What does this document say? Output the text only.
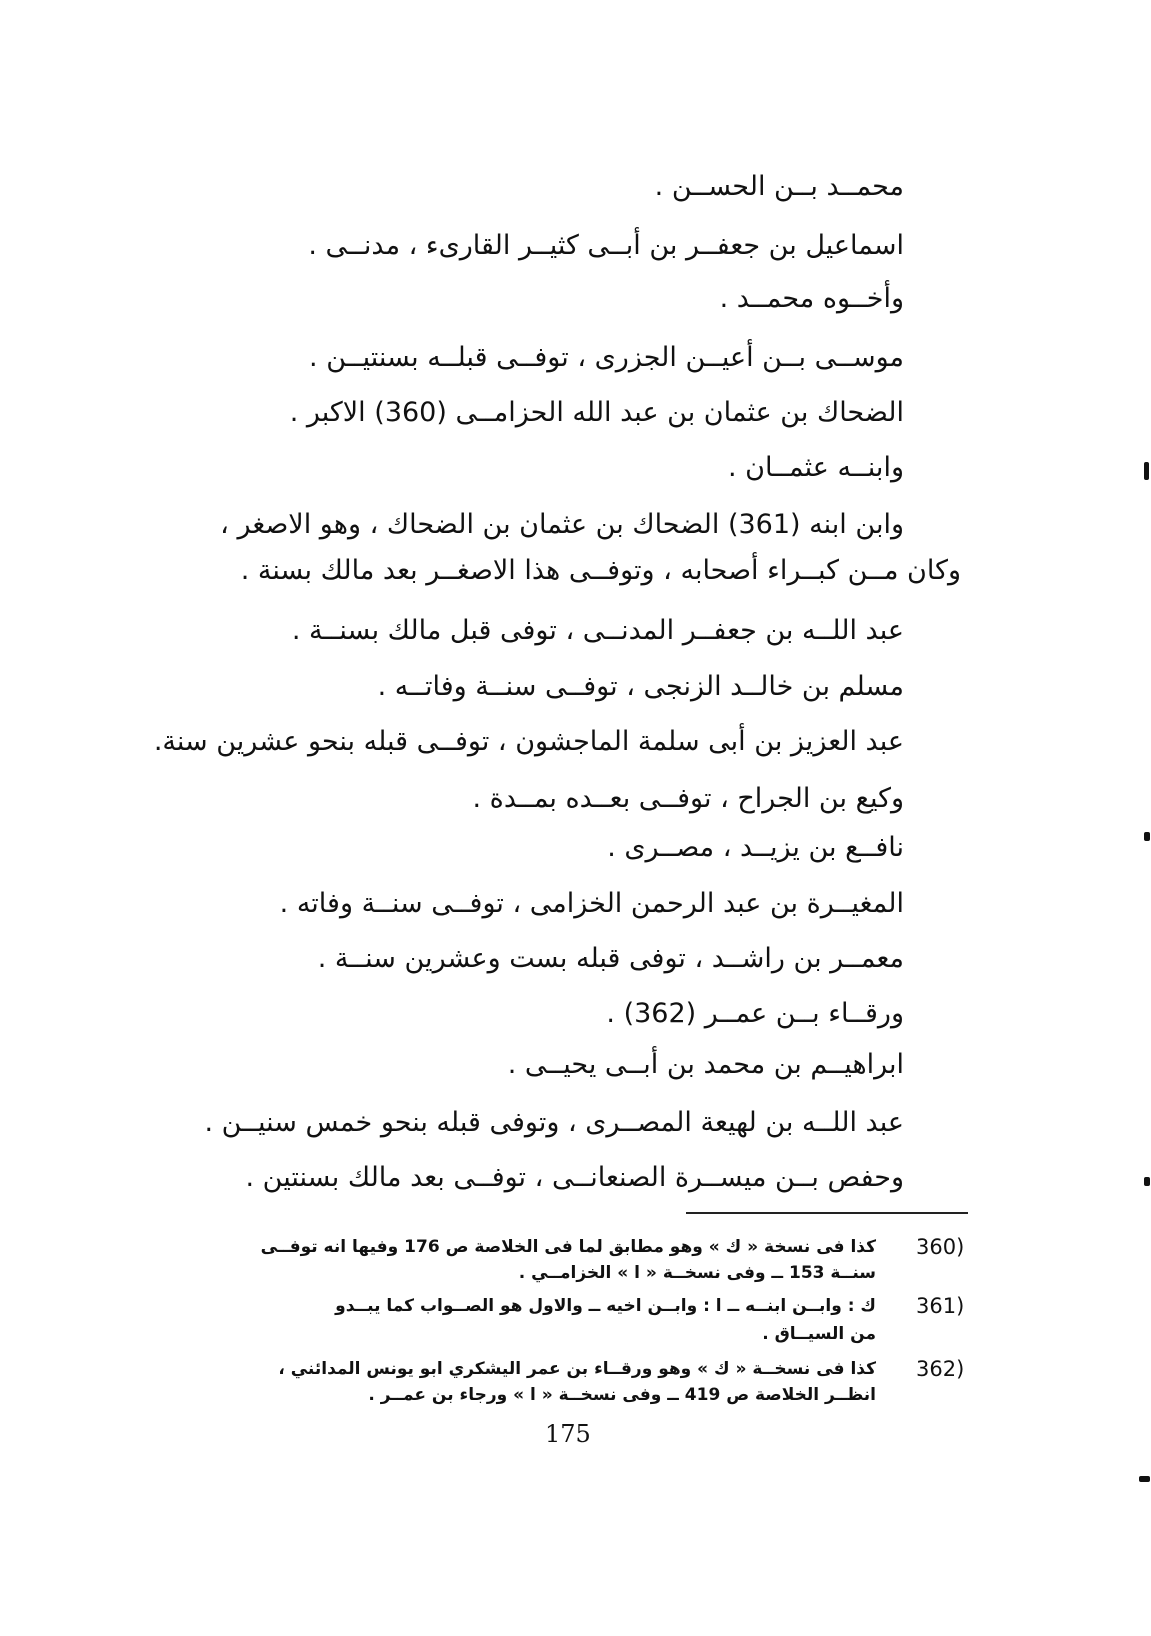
محمــد بــن الحســن .
اسماعيل بن جعفــر بن أبــى كثيــر القارىء ، مدنــى .
وأخــوه محمــد .
موســى بــن أعيــن الجزرى ، توفــى قبلــه بسنتيــن .
الضحاك بن عثمان بن عبد الله الحزامــى (360) الاكبر .
وابنــه عثمــان .
وابن ابنه (361) الضحاك بن عثمان بن الضحاك ، وهو الاصغر ،
وكان مــن كبــراء أصحابه ، وتوفــى هذا الاصغــر بعد مالك بسنة .
عبد اللــه بن جعفــر المدنــى ، توفى قبل مالك بسنــة .
مسلم بن خالــد الزنجى ، توفــى سنــة وفاتــه .
عبد العزيز بن أبى سلمة الماجشون ، توفــى قبله بنحو عشرين سنة.
وكيع بن الجراح ، توفــى بعــده بمــدة .
نافــع بن يزيــد ، مصــرى .
المغيــرة بن عبد الرحمن الخزامى ، توفــى سنــة وفاته .
معمــر بن راشــد ، توفى قبله بست وعشرين سنــة .
ورقــاء بــن عمــر (362) .
ابراهيــم بن محمد بن أبــى يحيــى .
عبد اللــه بن لهيعة المصــرى ، وتوفى قبله بنحو خمس سنيــن .
وحفص بــن ميســرة الصنعانــى ، توفــى بعد مالك بسنتين .
360)
كذا فى نسخة « ك » وهو مطابق لما فى الخلاصة ص 176 وفيها انه توفــى
سنــة 153 ــ وفى نسخــة « ا » الخزامــي .
361)
ك : وابــن ابنــه ــ ا : وابــن اخيه ــ والاول هو الصــواب كما يبــدو
من السيــاق .
362)
كذا فى نسخــة « ك » وهو ورقــاء بن عمر اليشكري ابو يونس المدائني ،
انظــر الخلاصة ص 419 ــ وفى نسخــة « ا » ورجاء بن عمــر .
175
